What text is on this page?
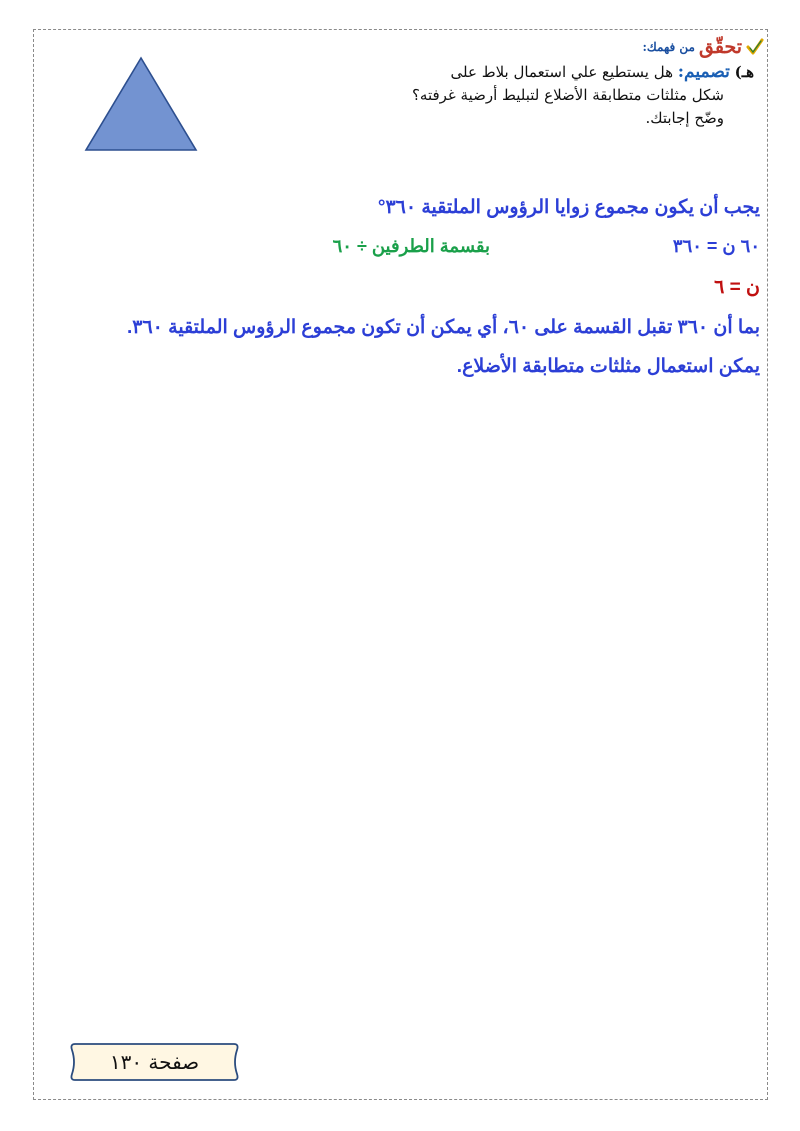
تحقّق
من فهمك:
هـ) تصميم: هل يستطيع علي استعمال بلاط على
شكل مثلثات متطابقة الأضلاع لتبليط أرضية غرفته؟
وضّح إجابتك.
يجب أن يكون مجموع زوايا الرؤوس الملتقية ٣٦٠°
٦٠ ن = ٣٦٠
بقسمة الطرفين ÷ ٦٠
ن = ٦
بما أن ٣٦٠ تقبل القسمة على ٦٠، أي يمكن أن تكون مجموع الرؤوس الملتقية ٣٦٠.
يمكن استعمال مثلثات متطابقة الأضلاع.
صفحة ١٣٠
